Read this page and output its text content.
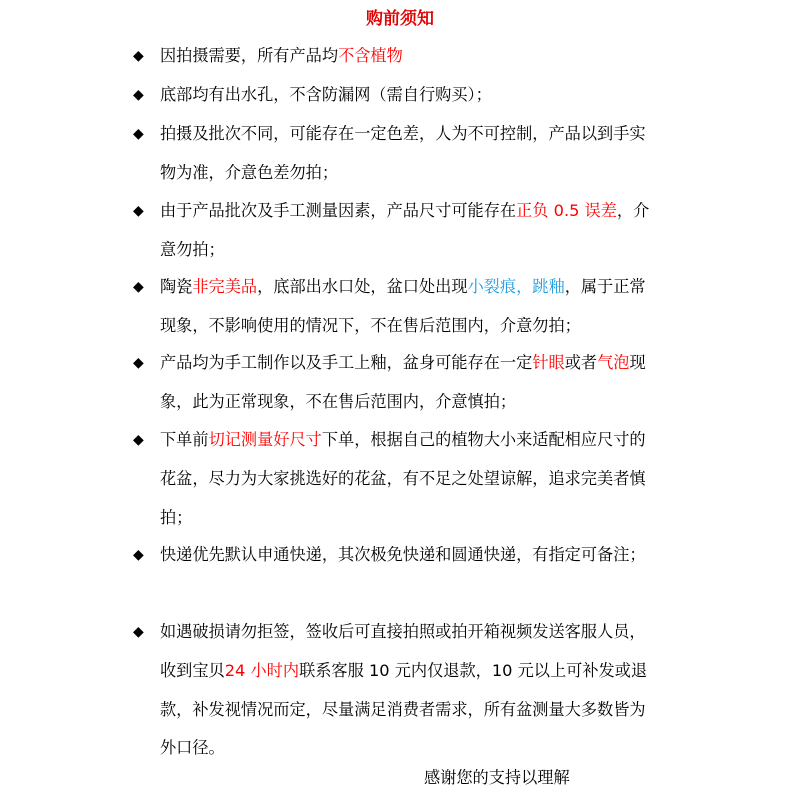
购前须知
◆ 因拍摄需要，所有产品均不含植物
◆ 底部均有出水孔，不含防漏网（需自行购买）；
◆ 拍摄及批次不同，可能存在一定色差，人为不可控制，产品以到手实物为准，介意色差勿拍；
◆ 由于产品批次及手工测量因素，产品尺寸可能存在正负 0.5 误差，介意勿拍；
◆ 陶瓷非完美品，底部出水口处，盆口处出现小裂痕，跳釉，属于正常现象，不影响使用的情况下，不在售后范围内，介意勿拍；
◆ 产品均为手工制作以及手工上釉，盆身可能存在一定针眼或者气泡现象，此为正常现象，不在售后范围内，介意慎拍；
◆ 下单前切记测量好尺寸下单，根据自己的植物大小来适配相应尺寸的花盆，尽力为大家挑选好的花盆，有不足之处望谅解，追求完美者慎拍；
◆ 快递优先默认申通快递，其次极免快递和圆通快递，有指定可备注；
◆ 如遇破损请勿拒签，签收后可直接拍照或拍开箱视频发送客服人员，收到宝贝24 小时内联系客服 10 元内仅退款，10 元以上可补发或退款，补发视情况而定，尽量满足消费者需求，所有盆测量大多数皆为外口径。
感谢您的支持以理解
